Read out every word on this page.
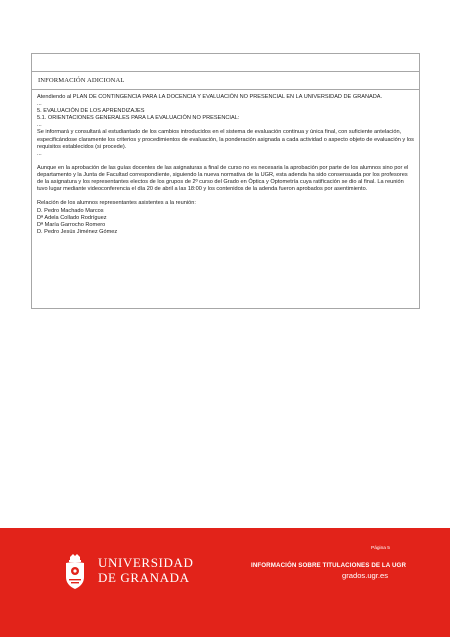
INFORMACIÓN ADICIONAL

Atendiendo al PLAN DE CONTINGENCIA PARA LA DOCENCIA Y EVALUACIÓN NO PRESENCIAL EN LA UNIVERSIDAD DE GRANADA.

...

5. EVALUACIÓN DE LOS APRENDIZAJES

5.1. ORIENTACIONES GENERALES PARA LA EVALUACIÓN NO PRESENCIAL:

...

Se informará y consultará al estudiantado de los cambios introducidos en el sistema de evaluación continua y única final, con suficiente antelación, especificándose claramente los criterios y procedimientos de evaluación, la ponderación asignada a cada actividad o aspecto objeto de evaluación y los requisitos establecidos (si procede).

...

Aunque en la aprobación de las guías docentes de las asignaturas a final de curso no es necesaria la aprobación por parte de los alumnos sino por el departamento y la Junta de Facultad correspondiente, siguiendo la nueva normativa de la UGR, esta adenda ha sido consensuada por los profesores de la asignatura y los representantes electos de los grupos de 2º curso del Grado en Óptica y Optometría cuya ratificación se dio al final. La reunión tuvo lugar mediante videoconferencia el día 20 de abril a las 18:00 y los contenidos de la adenda fueron aprobados por asentimiento.

Relación de los alumnos representantes asistentes a la reunión:

D. Pedro Machado Marcos

Dª Adela Collado Rodríguez

Dª María Garrocho Romero

D. Pedro Jesús Jiménez Gómez

UNIVERSIDAD
DE GRANADA
Página 5
INFORMACIÓN SOBRE TITULACIONES DE LA UGR
grados.ugr.es
